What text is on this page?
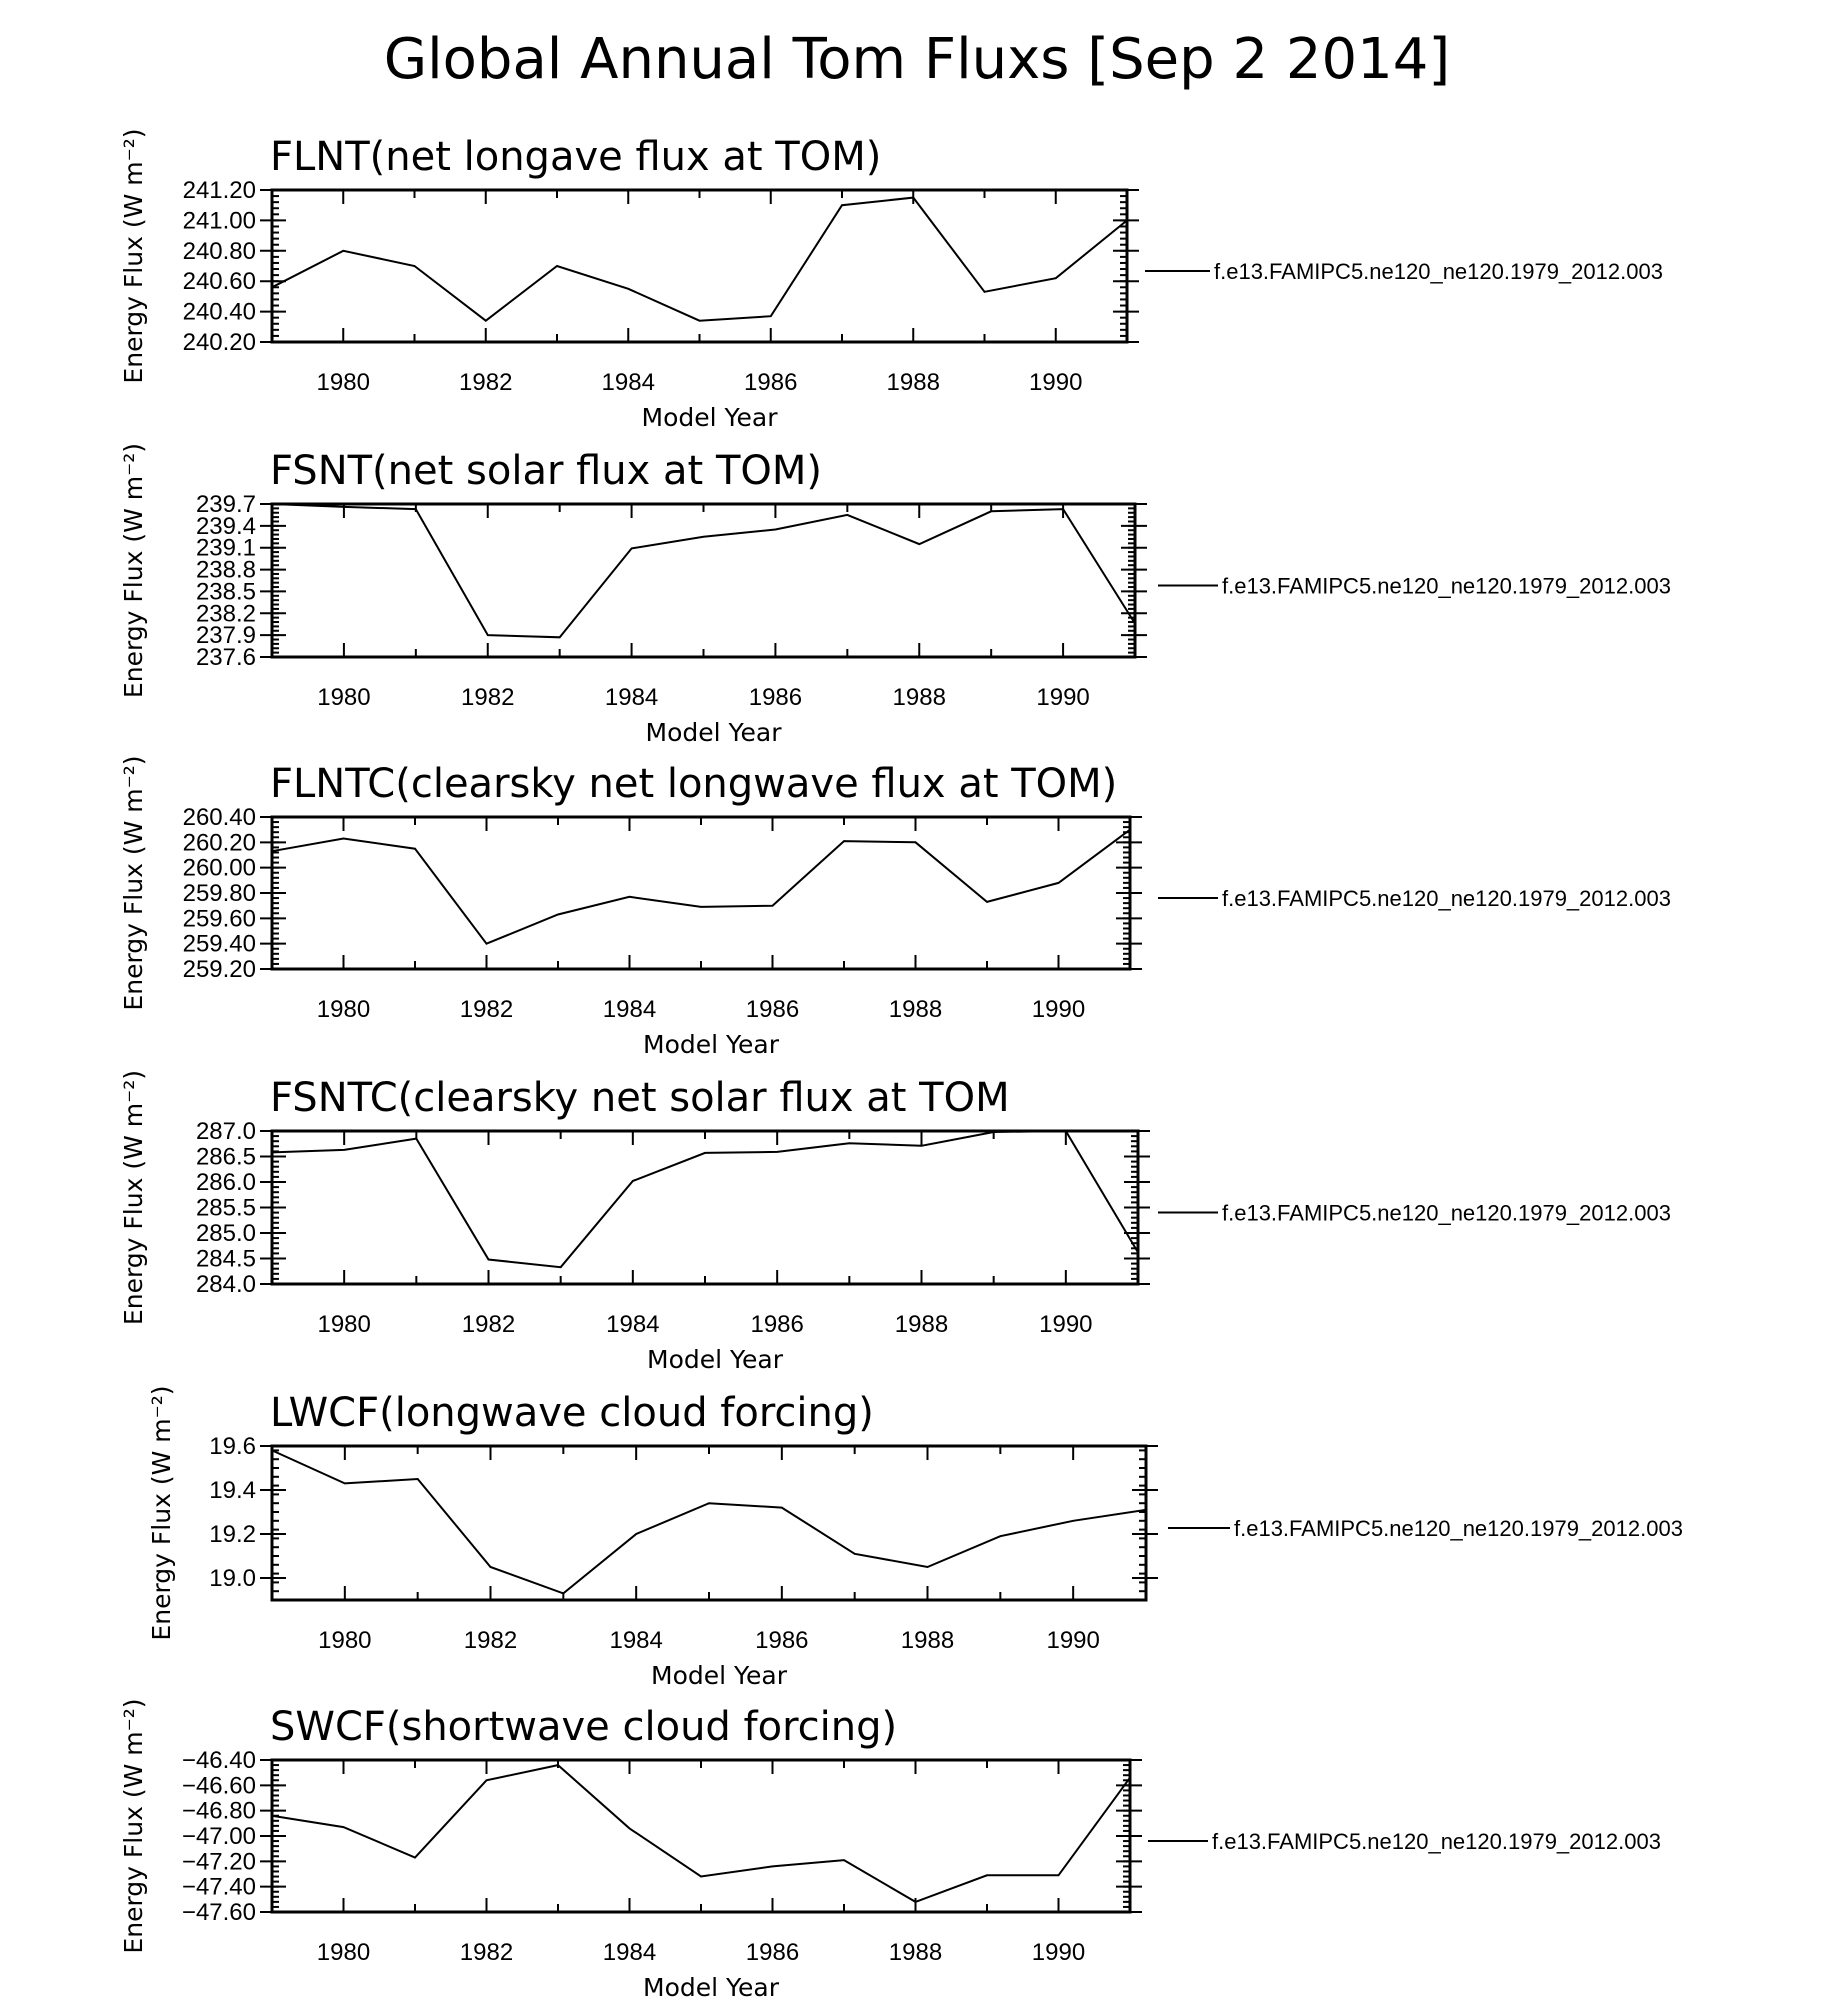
Global Annual Tom Fluxs [Sep 2 2014]
FLNT(net longave flux at TOM)
1980	1982	1984	1986	1988	1990
240.20
240.40
240.60
240.80
241.00
241.20
Model Year
Energy Flux (W m⁻²)	f.e13.FAMIPC5.ne120_ne120.1979_2012.003
FSNT(net solar flux at TOM)
1980	1982	1984	1986	1988	1990
237.6
237.9
238.2
238.5
238.8
239.1
239.4
239.7
Model Year
Energy Flux (W m⁻²)	f.e13.FAMIPC5.ne120_ne120.1979_2012.003
FLNTC(clearsky net longwave flux at TOM)
1980	1982	1984	1986	1988	1990
259.20
259.40
259.60
259.80
260.00
260.20
260.40
Model Year
Energy Flux (W m⁻²)	f.e13.FAMIPC5.ne120_ne120.1979_2012.003
FSNTC(clearsky net solar flux at TOM
1980	1982	1984	1986	1988	1990
284.0
284.5
285.0
285.5
286.0
286.5
287.0
Model Year
Energy Flux (W m⁻²)	f.e13.FAMIPC5.ne120_ne120.1979_2012.003
LWCF(longwave cloud forcing)
1980	1982	1984	1986	1988	1990
19.0
19.2
19.4
19.6
Model Year
Energy Flux (W m⁻²)	f.e13.FAMIPC5.ne120_ne120.1979_2012.003
SWCF(shortwave cloud forcing)
1980	1982	1984	1986	1988	1990
−47.60
−47.40
−47.20
−47.00
−46.80
−46.60
−46.40
Model Year
Energy Flux (W m⁻²)	f.e13.FAMIPC5.ne120_ne120.1979_2012.003
